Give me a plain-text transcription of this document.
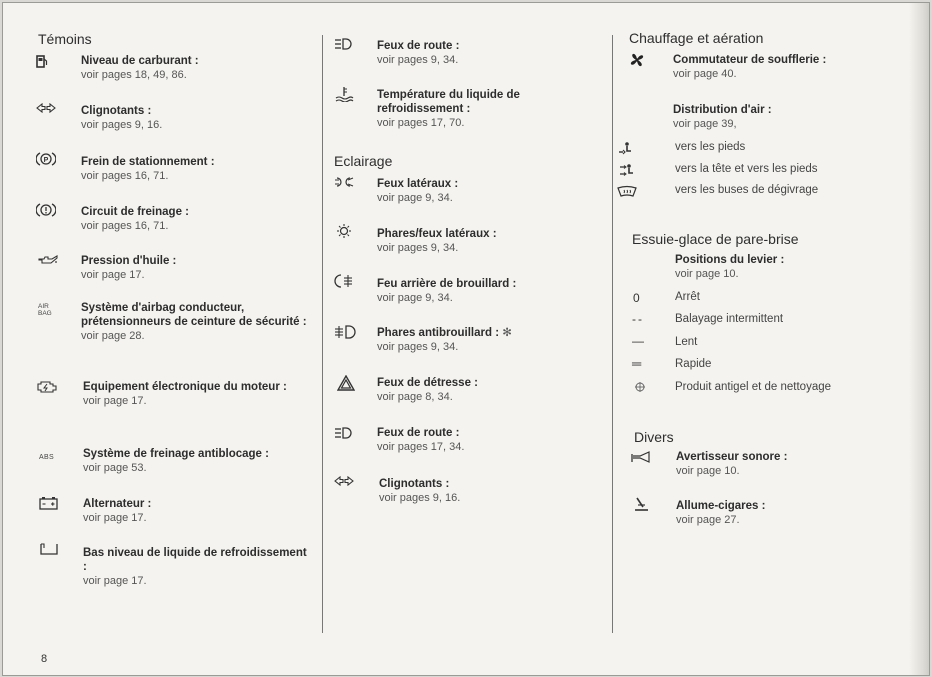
Témoins
Niveau de carburant :
voir pages 18, 49, 86.
Clignotants :
voir pages 9, 16.
P	Frein de stationnement :
voir pages 16, 71.
Circuit de freinage :
voir pages 16, 71.
Pression d'huile :
voir page 17.
AIR
BAG	Système d'airbag conducteur, prétensionneurs de ceinture de sécurité :
voir page 28.
Equipement électronique du moteur :
voir page 17.
ABS	Système de freinage antiblocage :
voir page 53.
Alternateur :
voir page 17.
Bas niveau de liquide de refroidissement :
voir page 17.
8
Feux de route :
voir pages 9, 34.
Température du liquide de refroidissement :
voir pages 17, 70.
Eclairage
Feux latéraux :
voir page 9, 34.
Phares/feux latéraux :
voir pages 9, 34.
Feu arrière de brouillard :
voir page 9, 34.
Phares antibrouillard : ✻
voir pages 9, 34.
Feux de détresse :
voir page 8, 34.
Feux de route :
voir pages 17, 34.
Clignotants :
voir pages 9, 16.
Chauffage et aération
Commutateur de soufflerie :
voir page 40.
Distribution d'air :
voir page 39,
vers les pieds
vers la tête et vers les pieds
vers les buses de dégivrage
Essuie-glace de pare-brise
Positions du levier :
voir page 10.
0	Arrêt
--	Balayage intermittent
—	Lent
═	Rapide
Produit antigel et de nettoyage
Divers
Avertisseur sonore :
voir page 10.
Allume-cigares :
voir page 27.
